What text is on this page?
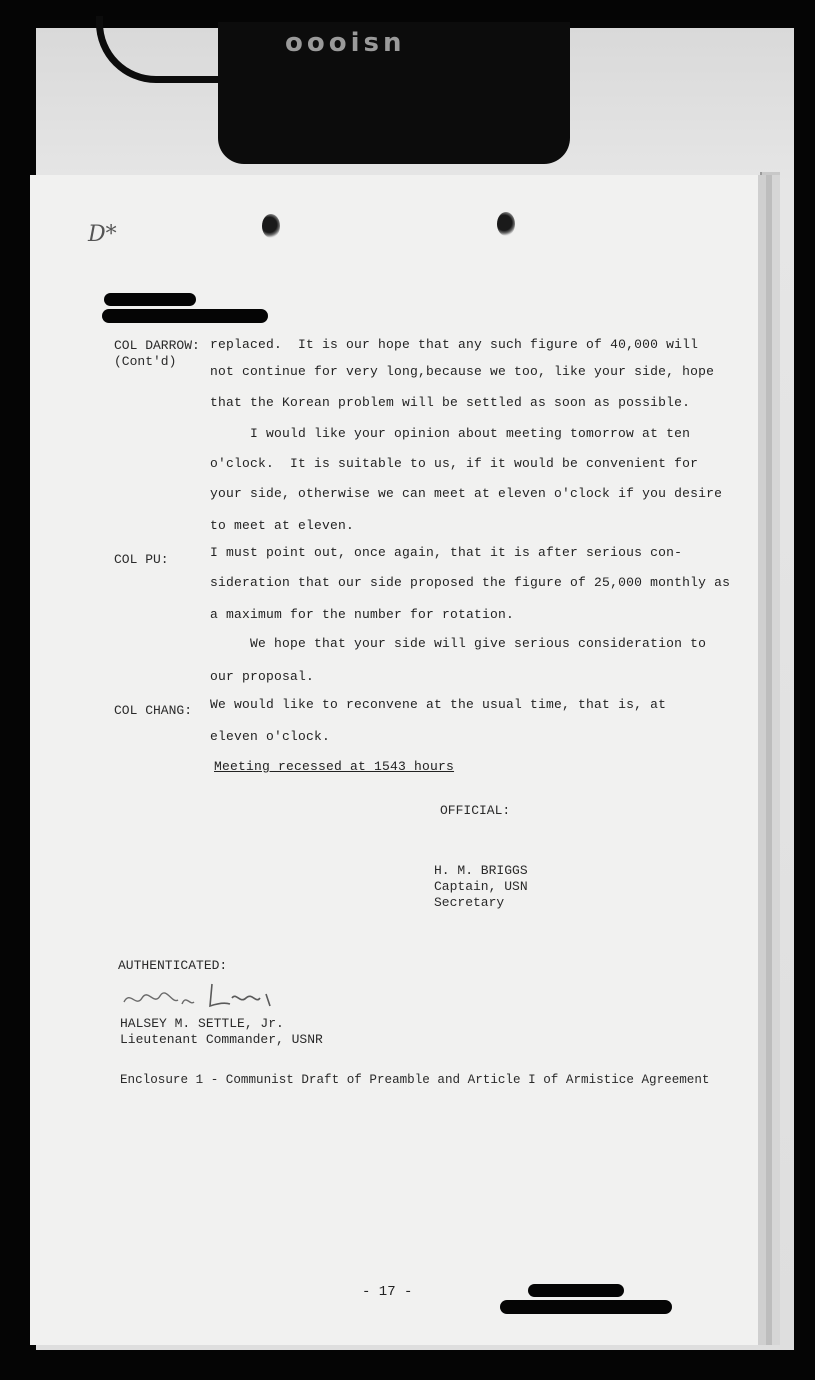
oooisn
D*
COL DARROW:
(Cont'd)
replaced.  It is our hope that any such figure of 40,000 will
not continue for very long,because we too, like your side, hope
that the Korean problem will be settled as soon as possible.
I would like your opinion about meeting tomorrow at ten
o'clock.  It is suitable to us, if it would be convenient for
your side, otherwise we can meet at eleven o'clock if you desire
to meet at eleven.
COL PU:	I must point out, once again, that it is after serious con-
sideration that our side proposed the figure of 25,000 monthly as
a maximum for the number for rotation.
We hope that your side will give serious consideration to
our proposal.
COL CHANG: We would like to reconvene at the usual time, that is, at
eleven o'clock.
Meeting recessed at 1543 hours
OFFICIAL:
H. M. BRIGGS
Captain, USN
Secretary
AUTHENTICATED:
HALSEY M. SETTLE, Jr.
Lieutenant Commander, USNR
Enclosure 1 - Communist Draft of Preamble and Article I of Armistice Agreement
- 17 -
